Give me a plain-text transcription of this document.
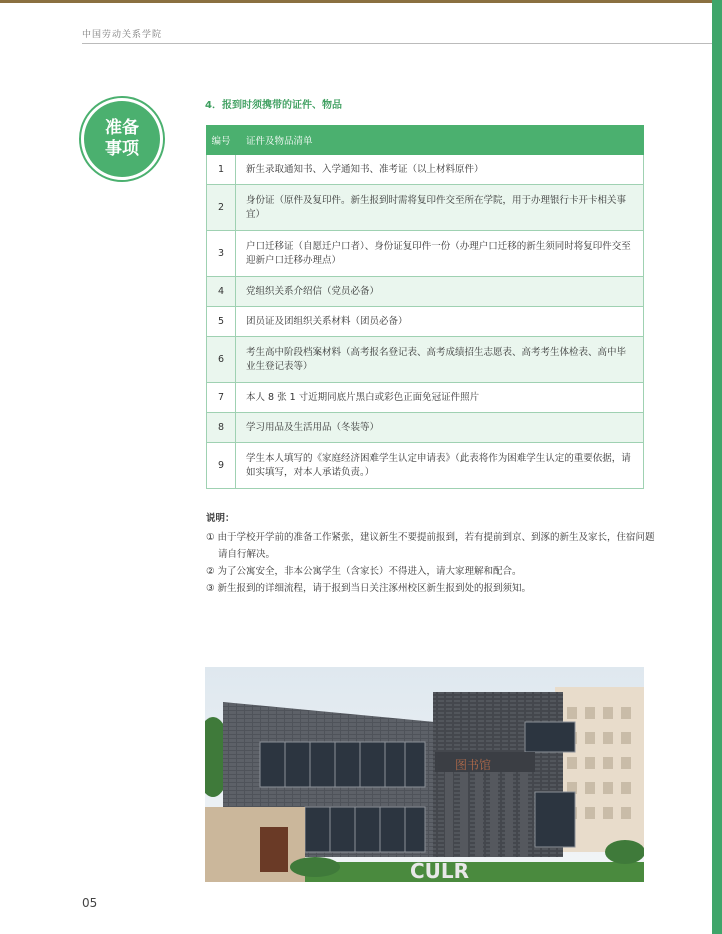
中国劳动关系学院
准备
事项
4．报到时须携带的证件、物品
编号	证件及物品清单
1	新生录取通知书、入学通知书、准考证（以上材料原件）
2	身份证（原件及复印件。新生报到时需将复印件交至所在学院，用于办理银行卡开卡相关事宜）
3	户口迁移证（自愿迁户口者）、身份证复印件一份（办理户口迁移的新生须同时将复印件交至迎新户口迁移办理点）
4	党组织关系介绍信（党员必备）
5	团员证及团组织关系材料（团员必备）
6	考生高中阶段档案材料（高考报名登记表、高考成绩招生志愿表、高考考生体检表、高中毕业生登记表等）
7	本人 8 张 1 寸近期同底片黑白或彩色正面免冠证件照片
8	学习用品及生活用品（冬装等）
9	学生本人填写的《家庭经济困难学生认定申请表》（此表将作为困难学生认定的重要依据，请如实填写，对本人承诺负责。）
说明：
① 由于学校开学前的准备工作紧张，建议新生不要提前报到，若有提前到京、到涿的新生及家长，住宿问题请自行解决。
② 为了公寓安全，非本公寓学生（含家长）不得进入，请大家理解和配合。
③ 新生报到的详细流程，请于报到当日关注涿州校区新生报到处的报到须知。
图书馆
CULR
05
